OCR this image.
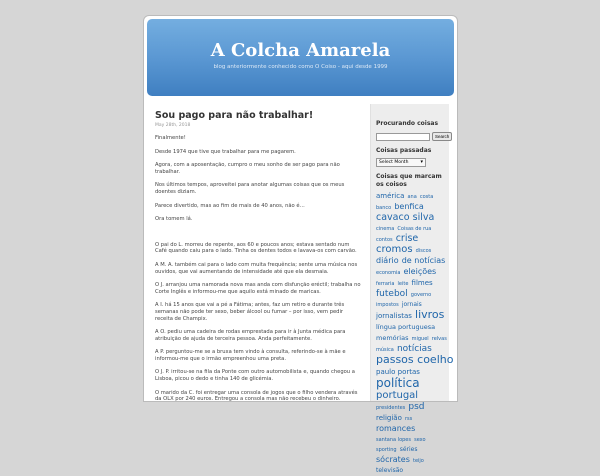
A Colcha Amarela
blog anteriormente conhecido como O Coiso - aqui desde 1999
Sou pago para não trabalhar!
May 28th, 2018

Finalmente!

Desde 1974 que tive que trabalhar para me pagarem.

Agora, com a aposentação, cumpro o meu sonho de ser pago para não trabalhar.

Nos últimos tempos, aproveitei para anotar algumas coisas que os meus doentes diziam.

Parece divertido, mas ao fim de mais de 40 anos, não é…

Ora tomem lá.

O pai do L. morreu de repente, aos 60 e poucos anos; estava sentado num Café quando caiu para o lado. Tinha os dentes todos e lavava-os com carvão.

A M. A. também cai para o lado com muita frequência; sente uma música nos ouvidos, que vai aumentando de intensidade até que ela desmaia.

O J. arranjou uma namorada nova mas anda com disfunção eréctil; trabalha no Corte Inglês e informou-me que aquilo está minado de maricas.

A I. há 15 anos que vai a pé a Fátima; antes, faz um retiro e durante três semanas não pode ter sexo, beber álcool ou fumar – por isso, vem pedir receita de Champix.

A O. pediu uma cadeira de rodas emprestada para ir à Junta médica para atribuição de ajuda de terceira pessoa. Anda perfeitamente.

A P. perguntou-me se a bruxa tem vindo à consulta, referindo-se à mãe e informou-me que o irmão empreenhou uma preta.

O J. P. irritou-se na fila da Ponte com outro automobilista e, quando chegou a Lisboa, picou o dedo e tinha 140 de glicémia.

O marido da C. foi entregar uma consola de jogos que o filho vendera através da OLX por 240 euros. Entregou a consola mas não recebeu o dinheiro.

Procurando coisas
Search
Coisas passadas
Select Month ▾
Coisas que marcam os coisos
américa ana costa banco benfica cavaco silva cinema Coisas de rua contos crise cromos discos diário de notícias economia eleições ferraria leite filmes futebol governo impostos jornais jornalistas livros língua portuguesa memórias miguel relvas música notícias passos coelho paulo portas política portugal presidentes psd religião rss romances santana lopes sexo sporting séries sócrates teijo televisão
